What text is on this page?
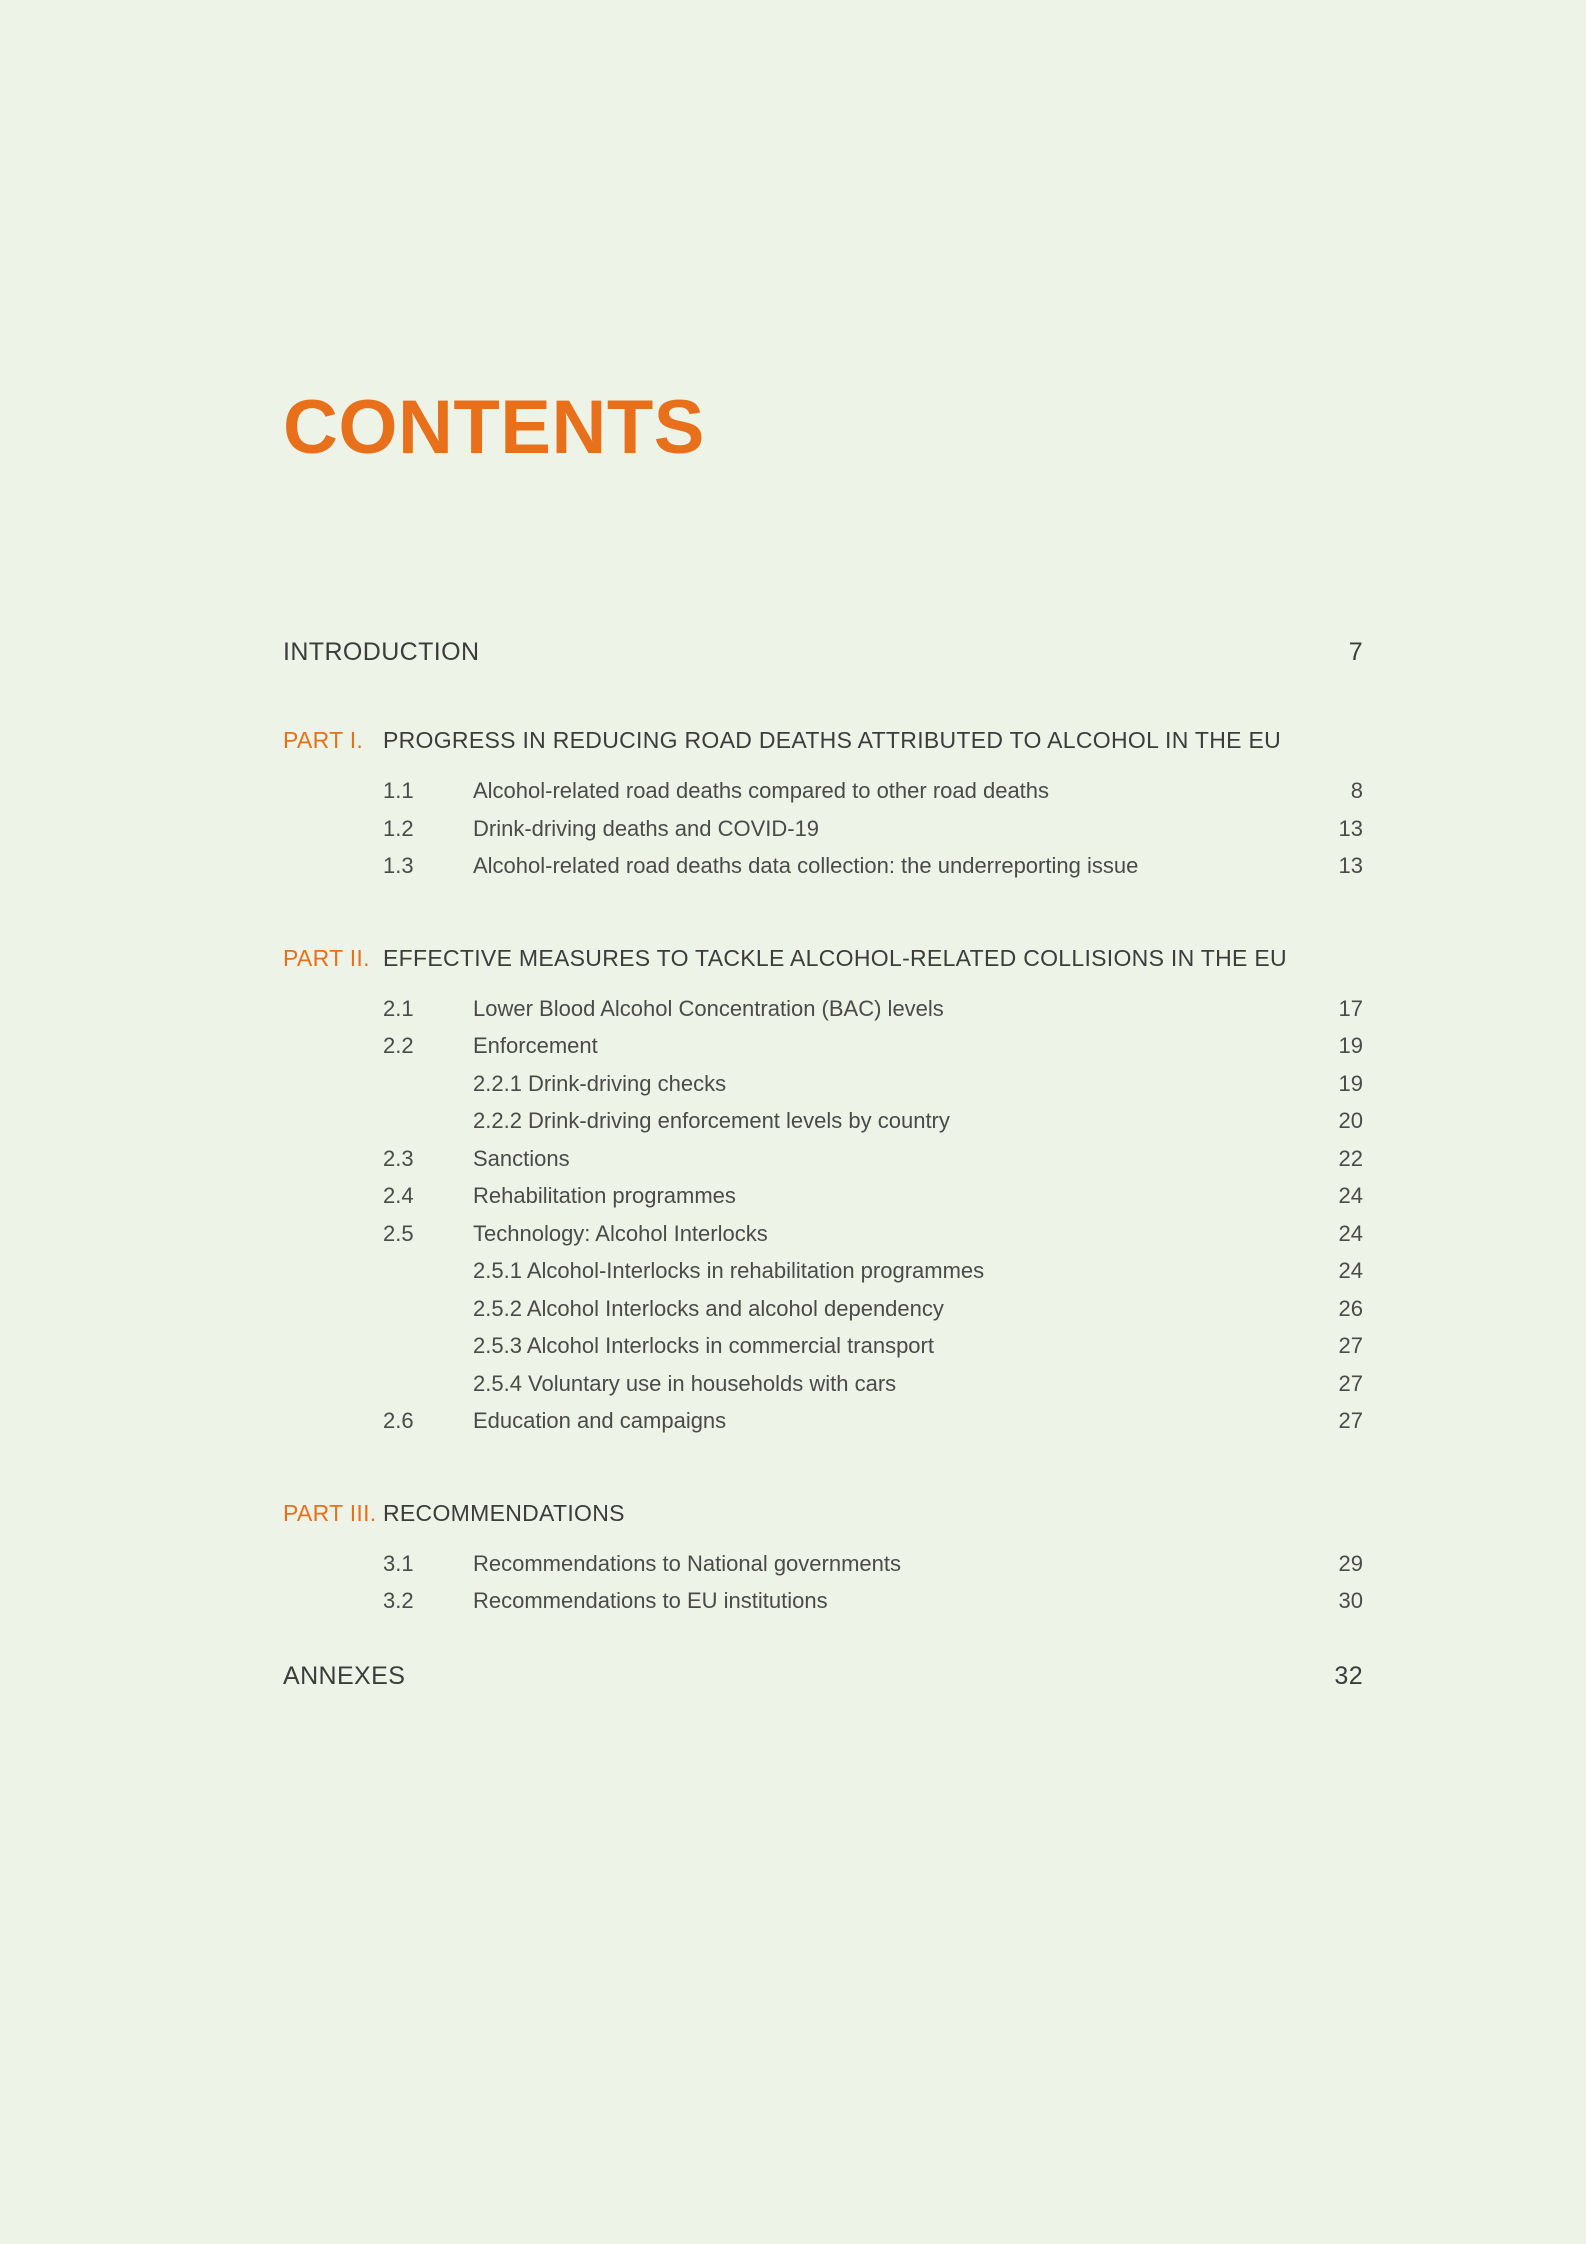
CONTENTS
INTRODUCTION	7
PART I. PROGRESS IN REDUCING ROAD DEATHS ATTRIBUTED TO ALCOHOL IN THE EU
1.1	Alcohol-related road deaths compared to other road deaths	8
1.2	Drink-driving deaths and COVID-19	13
1.3	Alcohol-related road deaths data collection: the underreporting issue	13
PART II. EFFECTIVE MEASURES TO TACKLE ALCOHOL-RELATED COLLISIONS IN THE EU
2.1	Lower Blood Alcohol Concentration (BAC) levels	17
2.2	Enforcement	19
2.2.1 Drink-driving checks	19
2.2.2 Drink-driving enforcement levels by country	20
2.3	Sanctions	22
2.4	Rehabilitation programmes	24
2.5	Technology: Alcohol Interlocks	24
2.5.1 Alcohol-Interlocks in rehabilitation programmes	24
2.5.2 Alcohol Interlocks and alcohol dependency	26
2.5.3 Alcohol Interlocks in commercial transport	27
2.5.4 Voluntary use in households with cars	27
2.6	Education and campaigns	27
PART III. RECOMMENDATIONS
3.1	Recommendations to National governments	29
3.2	Recommendations to EU institutions	30
ANNEXES	32
